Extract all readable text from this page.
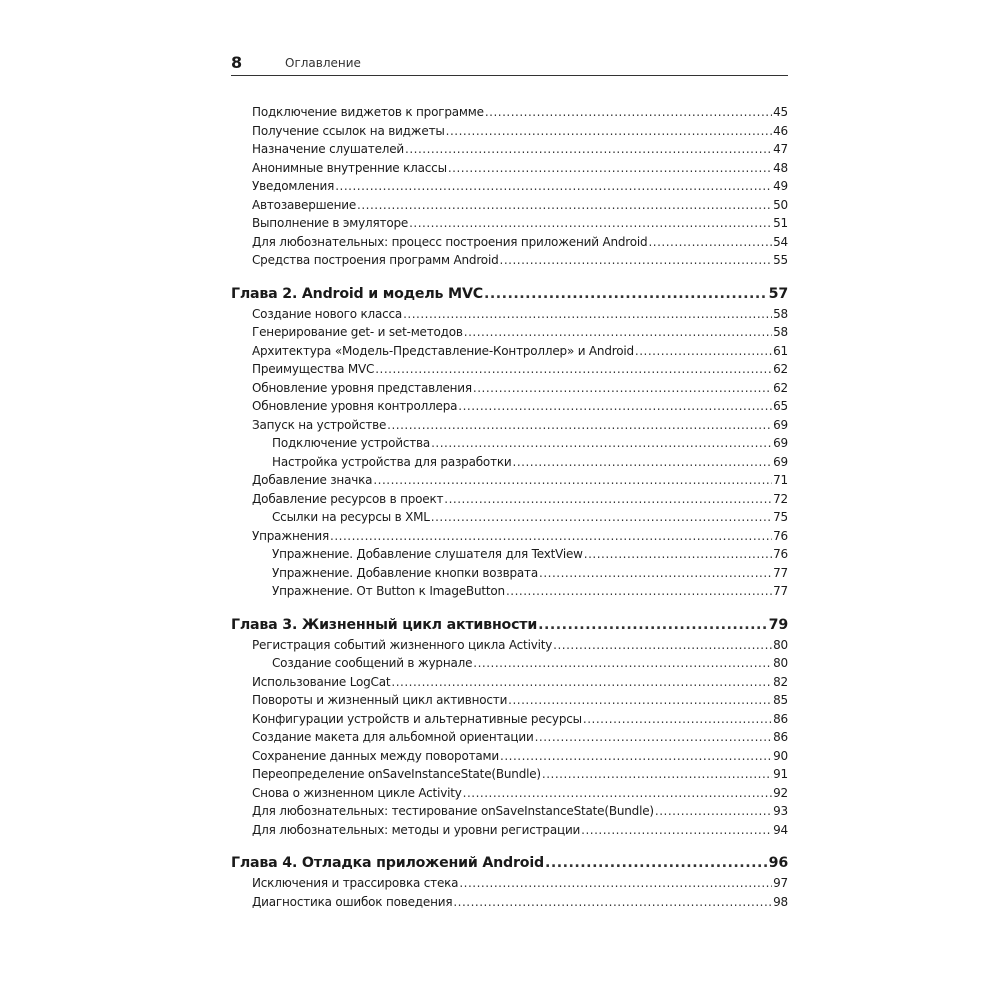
8	Оглавление
Подключение виджетов к программе .....	45
Получение ссылок на виджеты .....	46
Назначение слушателей .....	47
Анонимные внутренние классы .....	48
Уведомления .....	49
Автозавершение .....	50
Выполнение в эмуляторе .....	51
Для любознательных: процесс построения приложений Android .....	54
Средства построения программ Android .....	55
Глава 2. Android и модель MVC .....	57
Создание нового класса .....	58
Генерирование get- и set-методов .....	58
Архитектура «Модель-Представление-Контроллер» и Android .....	61
Преимущества MVC .....	62
Обновление уровня представления .....	62
Обновление уровня контроллера .....	65
Запуск на устройстве .....	69
Подключение устройства .....	69
Настройка устройства для разработки .....	69
Добавление значка .....	71
Добавление ресурсов в проект .....	72
Ссылки на ресурсы в XML .....	75
Упражнения .....	76
Упражнение. Добавление слушателя для TextView .....	76
Упражнение. Добавление кнопки возврата .....	77
Упражнение. От Button к ImageButton .....	77
Глава 3. Жизненный цикл активности .....	79
Регистрация событий жизненного цикла Activity .....	80
Создание сообщений в журнале .....	80
Использование LogCat .....	82
Повороты и жизненный цикл активности .....	85
Конфигурации устройств и альтернативные ресурсы .....	86
Создание макета для альбомной ориентации .....	86
Сохранение данных между поворотами .....	90
Переопределение onSaveInstanceState(Bundle) .....	91
Снова о жизненном цикле Activity .....	92
Для любознательных: тестирование onSaveInstanceState(Bundle) .....	93
Для любознательных: методы и уровни регистрации .....	94
Глава 4. Отладка приложений Android .....	96
Исключения и трассировка стека .....	97
Диагностика ошибок поведения .....	98
